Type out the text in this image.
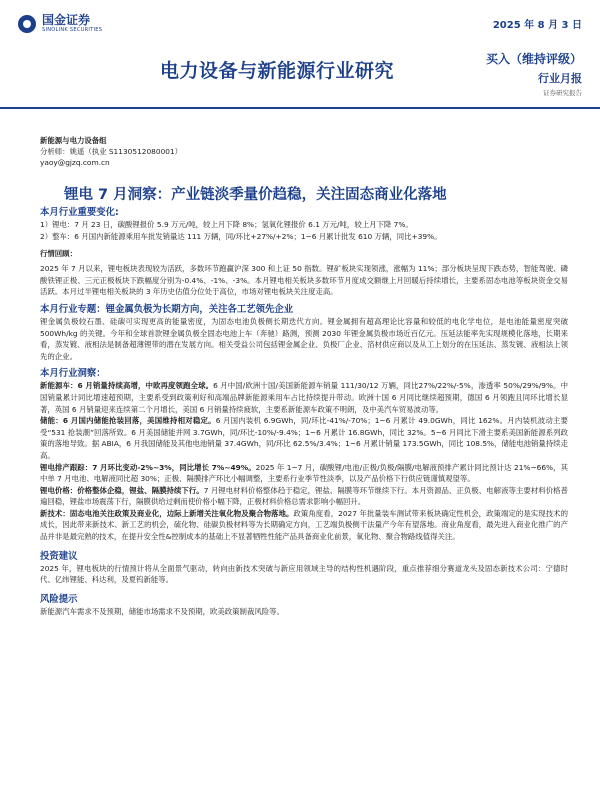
国金证券
SINOLINK SECURITIES	2025 年 8 月 3 日
电力设备与新能源行业研究
买入（维持评级）
行业月报
证券研究报告
新能源与电力设备组
分析师：姚遥（执业 S1130512080001）
yaoy@gjzq.com.cn
锂电 7 月洞察：产业链淡季量价趋稳，关注固态商业化落地
本月行业重要变化:
1）锂电：7 月 23 日，碳酸锂报价 5.9 万元/吨，较上月下降 8%；氢氧化锂报价 6.1 万元/吨，较上月下降 7%。
2）整车：6 月国内新能源乘用车批发销量达 111 万辆，同/环比+27%/+2%；1~6 月累计批发 610 万辆，同比+39%。
行情回顾：
2025 年 7 月以来，锂电板块表现较为活跃，多数环节跑赢沪深 300 和上证 50 指数。锂矿板块实现领涨，涨幅为 11%；部分板块呈现下跌态势，智能驾驶、磷酸铁锂正极、三元正极板块下跌幅度分别为-0.4%、-1%、-3%。本月锂电相关板块多数环节月度成交额继上月回暖后持续增长，主要系固态电池等板块资金交易活跃。本月过半锂电相关板块的 3 年历史估值分位处于高位，市场对锂电板块关注度走高。
本月行业专题：锂金属负极为长期方向，关注各工艺领先企业
锂金属负极较石墨、硅碳可实现更高的能量密度，为固态电池负极侧长期迭代方向。锂金属拥有超高理论比容量和较低的电化学电位，是电池能量密度突破 500Wh/kg 的关键。今年和全球首款锂金属负极全固态电池上车（奔驰）路测，预测 2030 年锂金属负极市场近百亿元。压延法能率先实现规模化落地，长期来看，蒸发镀、液相法是制备超薄锂带的潜在发展方向。相关受益公司包括锂金属企业、负极厂企业、箔材供应商以及从工上划分的在压延法、蒸发镀、液相法上领先的企业。
本月行业洞察：
新能源车：6 月销量持续高增，中欧再度领跑全球。6 月中国/欧洲十国/美国新能源车销量 111/30/12 万辆，同比27%/22%/-5%，渗透率 50%/29%/9%。中国销量累计同比增速超预期，主要系受到政策利好和高端品牌新能源乘用车占比持续提升带动。欧洲十国 6 月同比继续超预期，德国 6 月领跑且同环比增长显著，英国 6 月销量迎来连续第二个月增长，美国 6 月销量持续疲软，主要系新能源车政策不明朗，及中美汽车贸易波动等。
储能：6 月国内储能抢装回落，美国维持相对稳定。6 月国内装机 6.9GWh，同/环比-41%/-70%；1~6 月累计 49.0GWh，同比 162%。月内装机波动主要受“531 抢装潮”回落所致。6 月美国储能并网 3.7GWh，同/环比-10%/-9.4%；1~6 月累计 16.8GWh，同比 32%。5~6 月同比下滑主要系美国新能源系列政策的落地导致。据 ABIA，6 月我国储能及其他电池销量 37.4GWh，同/环比 62.5%/3.4%；1~6 月累计销量 173.5GWh，同比 108.5%，储能电池销量持续走高。
锂电排产跟踪：7 月环比变动-2%~3%，同比增长 7%~49%。2025 年 1~7 月，碳酸锂/电池/正极/负极/隔膜/电解液预排产累计同比预计达 21%~66%，其中单 7 月电池、电解液同比超 30%；正极、隔膜排产环比小幅调整，主要系行业季节性淡季，以及产品价格下行供应链谨慎观望等。
锂电价格：价格整体企稳，锂盐、隔膜持续下行。7 月锂电材料价格整体趋于稳定，锂盐、隔膜等环节继续下行。本月资源品、正负极、电解液等主要材料价格普遍回稳，锂盐市场震荡下行，隔膜供给过剩而使价格小幅下降，正极材料价格总需求影响小幅回升。
新技术：固态电池关注政策及商业化，边际上新增关注氧化物及聚合物落地。政策角度看，2027 年批量装车测试带来板块确定性机会，政策端定的是实现技术的成长，因此带来新技术、新工艺的机会，硫化物、硅碳负极材料等为长期确定方向，工艺端负极侧干法量产今年有望落地。商业角度看，最先进入商业化推广的产品并非是最完熟的技术，在提升安全性&控制成本的基础上不显著牺牲性能产品具备商业化前景，氧化物、聚合物路线值得关注。
投资建议
2025 年，锂电板块的行情预计将从全面景气驱动，转向由新技术突破与新应用领域主导的结构性机遇阶段，重点推荐细分赛道龙头及固态新技术公司：宁德时代、亿纬锂能、科达利，及夏钨新能等。
风险提示
新能源汽车需求不及预期，储能市场需求不及预期，欧美政策制裁风险等。
